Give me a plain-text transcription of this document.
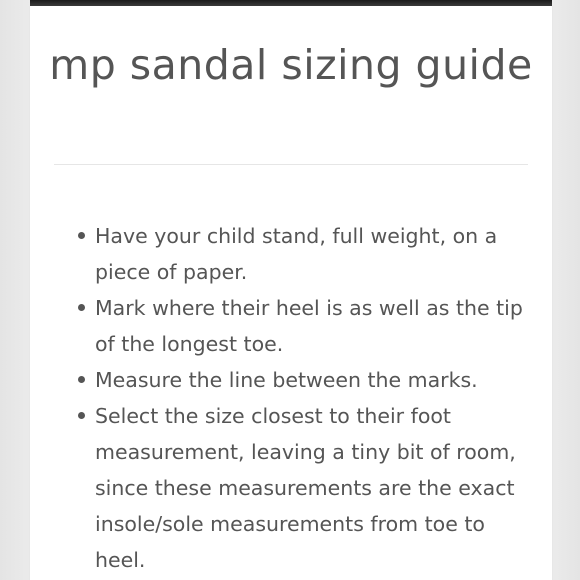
mp sandal sizing guide
Have your child stand, full weight, on a piece of paper.
Mark where their heel is as well as the tip of the longest toe.
Measure the line between the marks.
Select the size closest to their foot measurement, leaving a tiny bit of room, since these measurements are the exact insole/sole measurements from toe to heel.
